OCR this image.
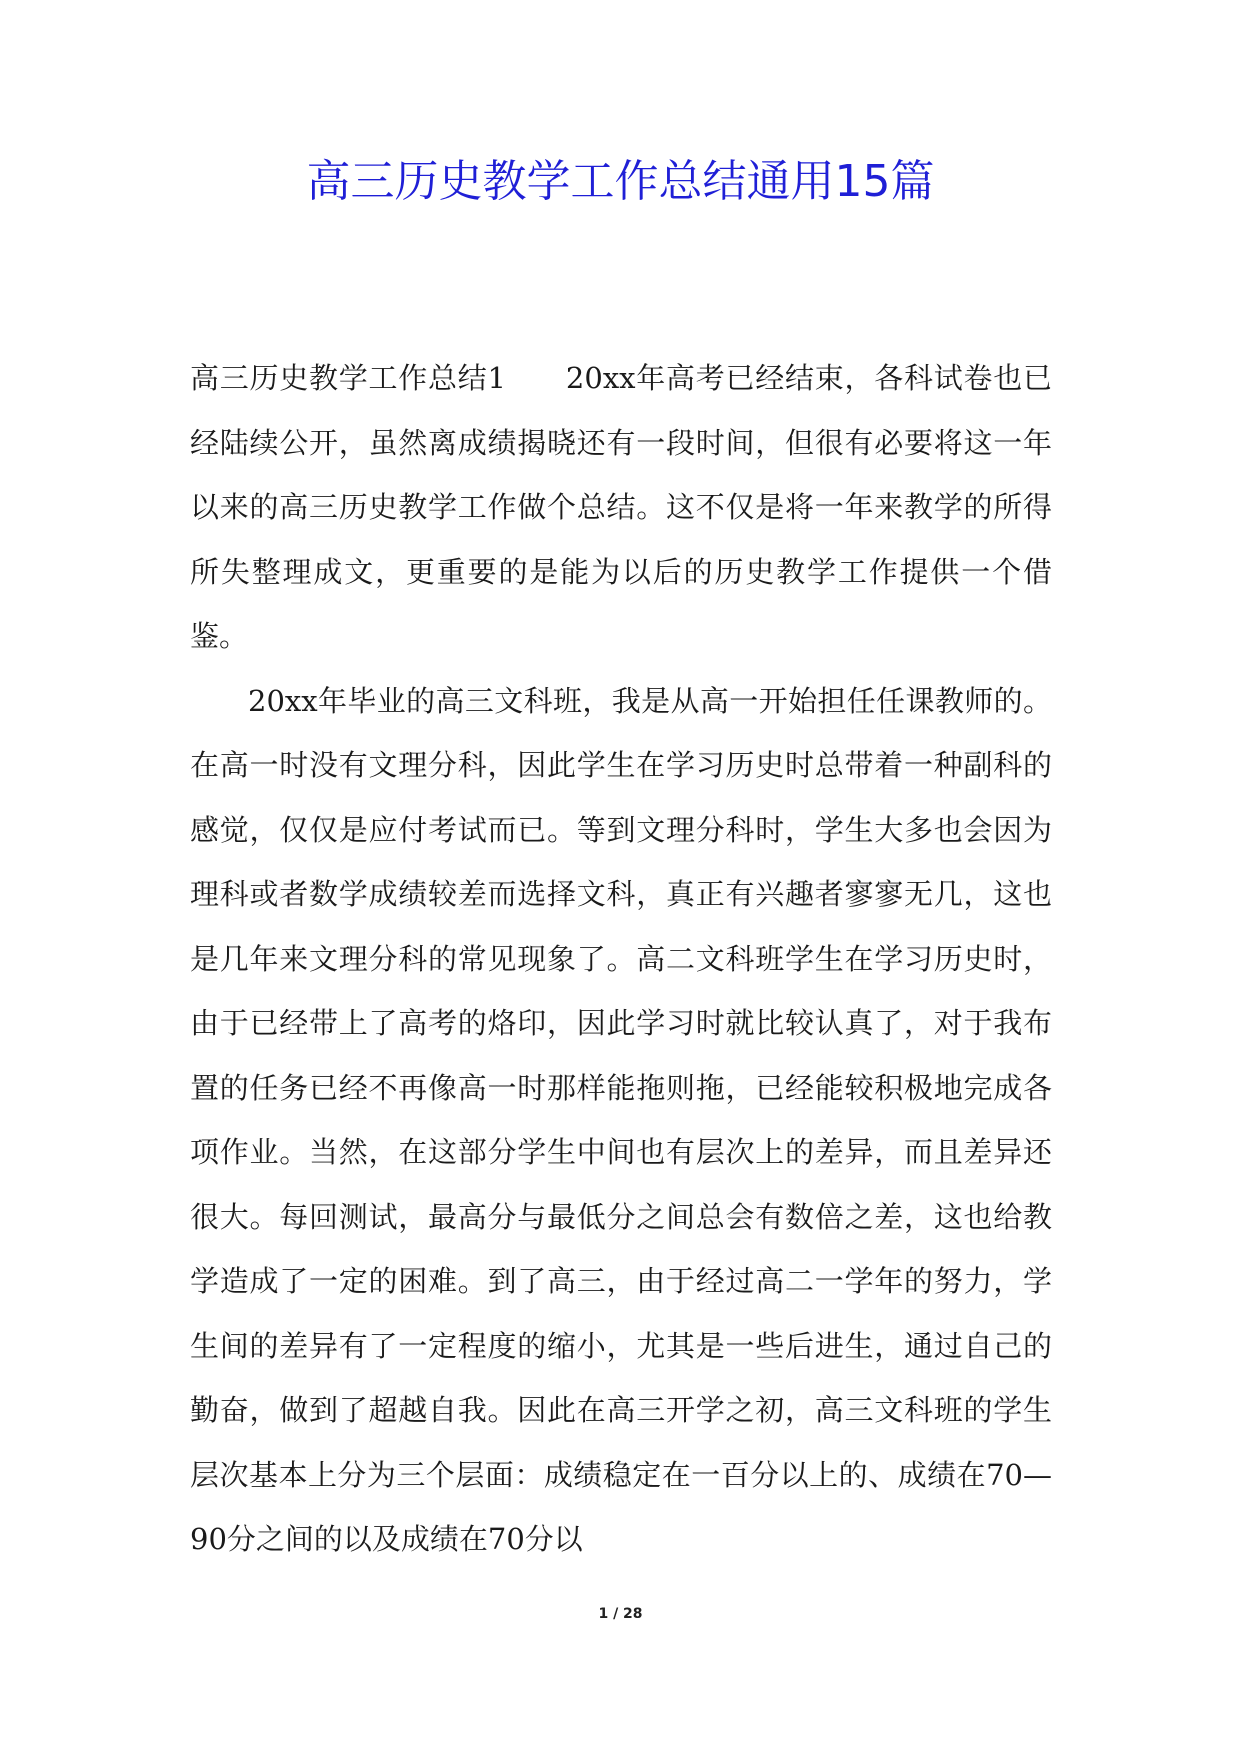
高三历史教学工作总结通用15篇

高三历史教学工作总结1 20xx年高考已经结束，各科试卷也已经陆续公开，虽然离成绩揭晓还有一段时间，但很有必要将这一年以来的高三历史教学工作做个总结。这不仅是将一年来教学的所得所失整理成文，更重要的是能为以后的历史教学工作提供一个借鉴。

20xx年毕业的高三文科班，我是从高一开始担任任课教师的。在高一时没有文理分科，因此学生在学习历史时总带着一种副科的感觉，仅仅是应付考试而已。等到文理分科时，学生大多也会因为理科或者数学成绩较差而选择文科，真正有兴趣者寥寥无几，这也是几年来文理分科的常见现象了。高二文科班学生在学习历史时，由于已经带上了高考的烙印，因此学习时就比较认真了，对于我布置的任务已经不再像高一时那样能拖则拖，已经能较积极地完成各项作业。当然，在这部分学生中间也有层次上的差异，而且差异还很大。每回测试，最高分与最低分之间总会有数倍之差，这也给教学造成了一定的困难。到了高三，由于经过高二一学年的努力，学生间的差异有了一定程度的缩小，尤其是一些后进生，通过自己的勤奋，做到了超越自我。因此在高三开学之初，高三文科班的学生层次基本上分为三个层面：成绩稳定在一百分以上的、成绩在70—90分之间的以及成绩在70分以

1 / 28
